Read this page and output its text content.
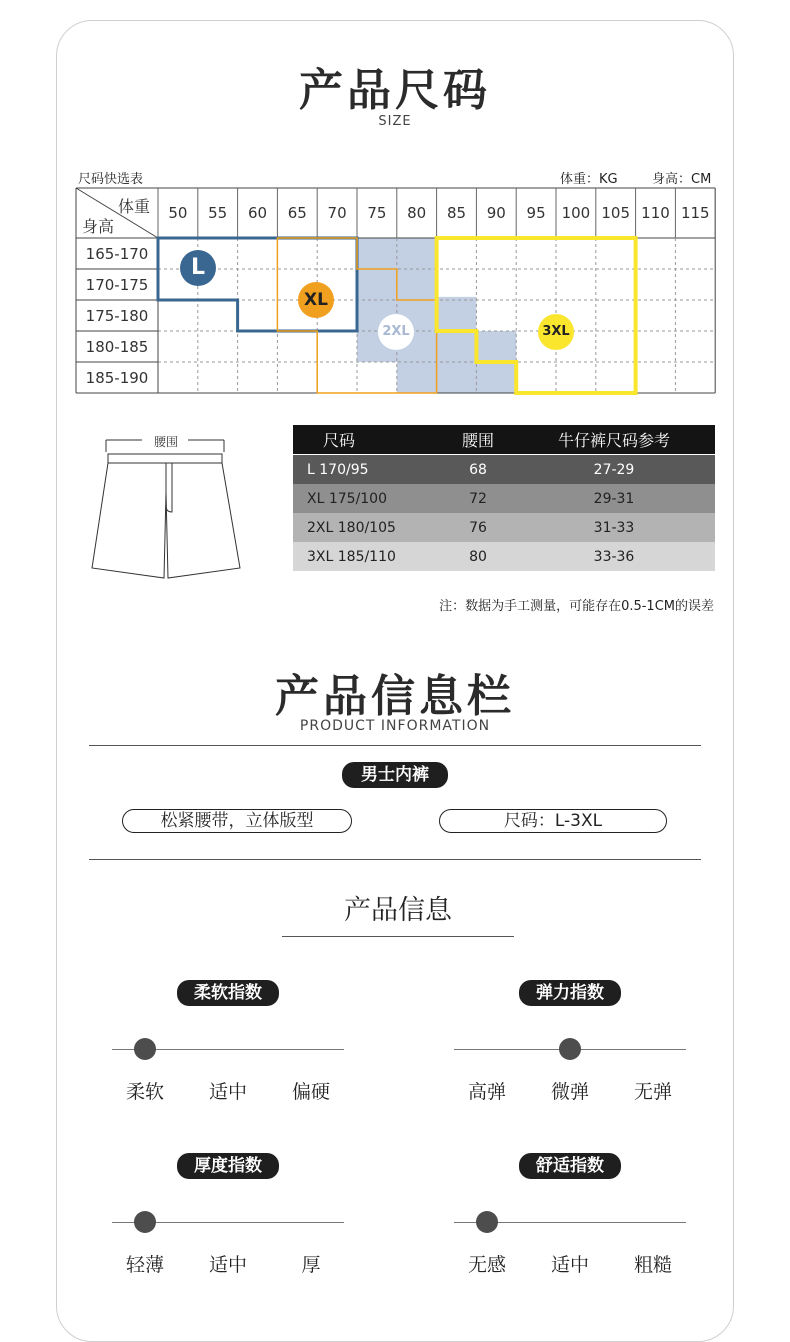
产品尺码
SIZE
尺码快选表	体重：KG	身高：CM
体重
身高
50	55	60	65	70	75	80	85	90	95	100 105 110 115
165-170
170-175
175-180
180-185
185-190
L
XL
2XL	3XL
腰围	尺码	腰围	牛仔裤尺码参考
L 170/95	68	27-29
XL 175/100	72	29-31
2XL 180/105	76	31-33
3XL 185/110	80	33-36
注：数据为手工测量，可能存在0.5-1CM的误差
产品信息栏
PRODUCT INFORMATION
男士内裤
松紧腰带，立体版型	尺码：L-3XL
产品信息
柔软指数
柔软	适中	偏硬
弹力指数
高弹	微弹	无弹
厚度指数
轻薄	适中	厚
舒适指数
无感	适中	粗糙
